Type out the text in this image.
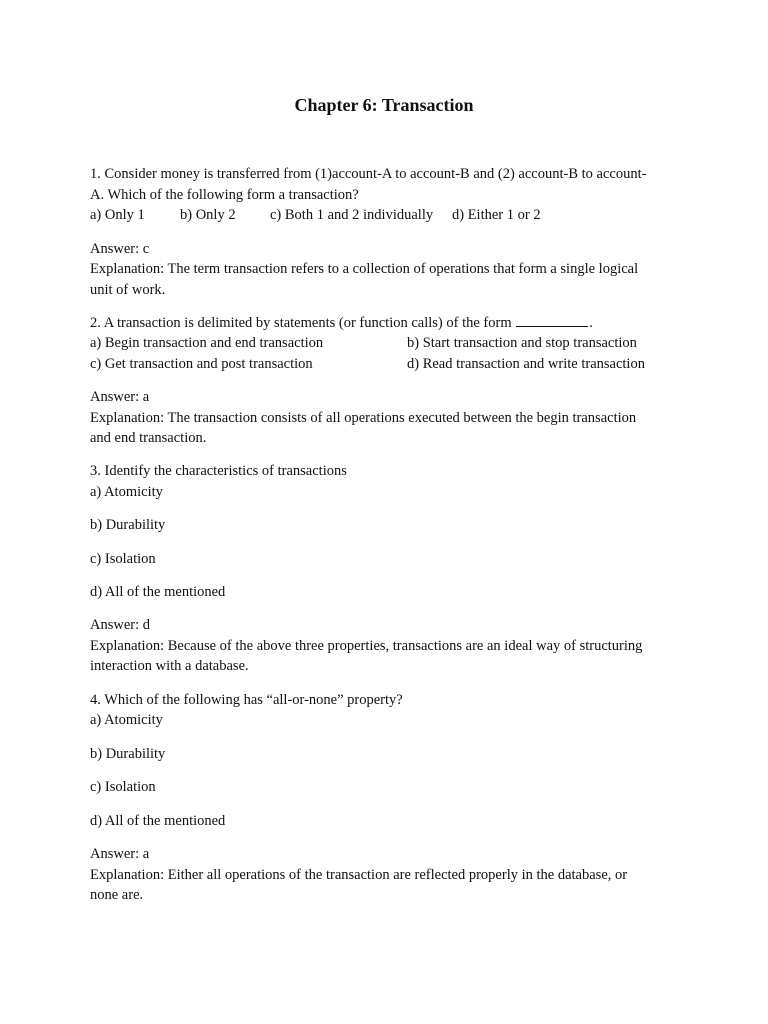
Chapter 6: Transaction
1. Consider money is transferred from (1)account-A to account-B and (2) account-B to account-
A. Which of the following form a transaction?
a) Only 1 b) Only 2 c) Both 1 and 2 individually d) Either 1 or 2
Answer: c
Explanation: The term transaction refers to a collection of operations that form a single logical
unit of work.
2. A transaction is delimited by statements (or function calls) of the form	.
a) Begin transaction and end transaction	b) Start transaction and stop transaction
c) Get transaction and post transaction	d) Read transaction and write transaction
Answer: a
Explanation: The transaction consists of all operations executed between the begin transaction
and end transaction.
3. Identify the characteristics of transactions
a) Atomicity
b) Durability
c) Isolation
d) All of the mentioned
Answer: d
Explanation: Because of the above three properties, transactions are an ideal way of structuring
interaction with a database.
4. Which of the following has “all-or-none” property?
a) Atomicity
b) Durability
c) Isolation
d) All of the mentioned
Answer: a
Explanation: Either all operations of the transaction are reflected properly in the database, or
none are.
